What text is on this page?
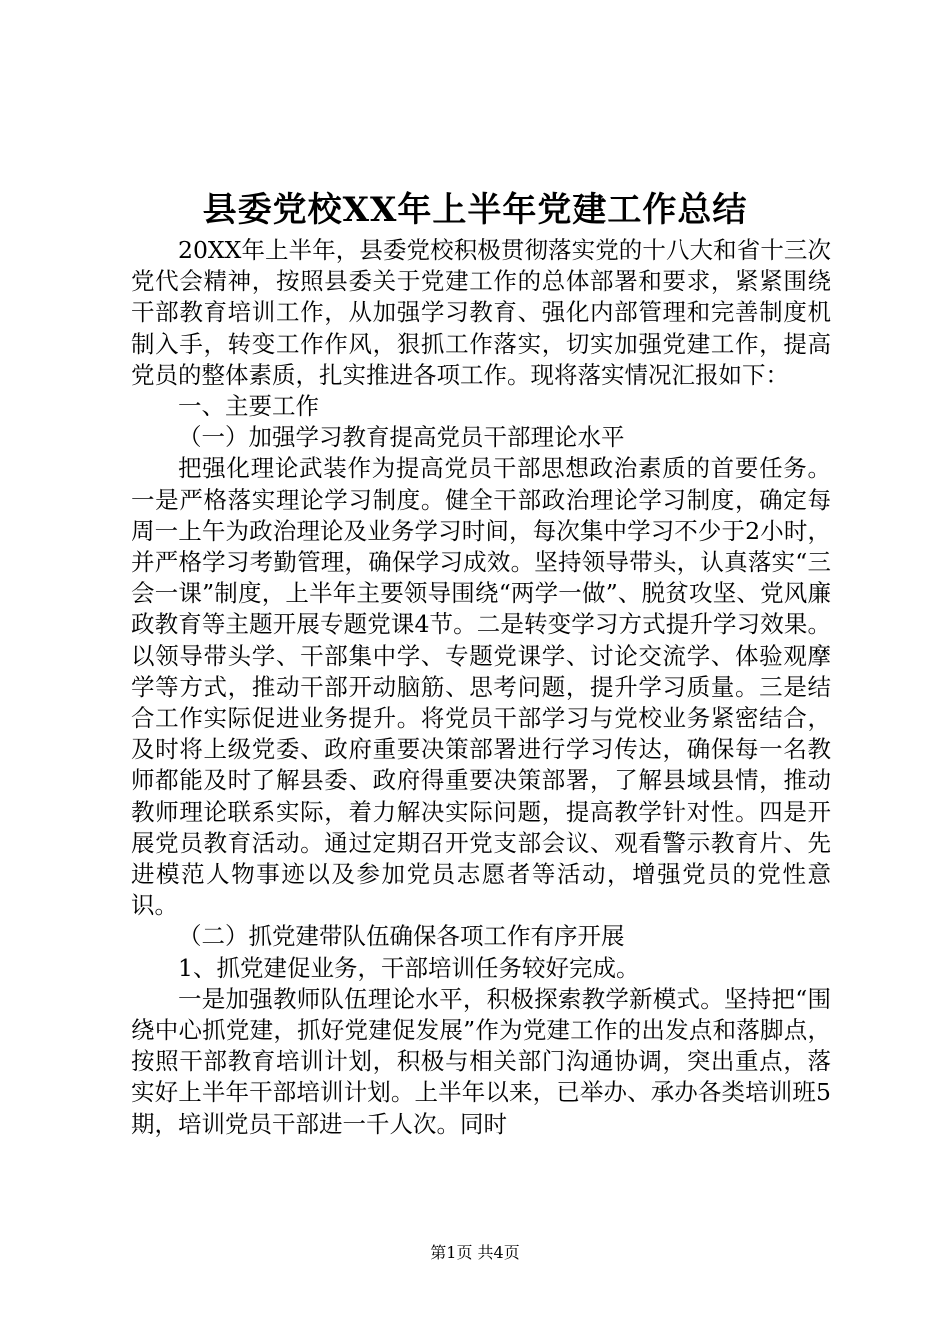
县委党校XX年上半年党建工作总结

20XX年上半年，县委党校积极贯彻落实党的十八大和省十三次党代会精神，按照县委关于党建工作的总体部署和要求，紧紧围绕干部教育培训工作，从加强学习教育、强化内部管理和完善制度机制入手，转变工作作风，狠抓工作落实，切实加强党建工作，提高党员的整体素质，扎实推进各项工作。现将落实情况汇报如下：

一、主要工作

（一）加强学习教育提高党员干部理论水平

把强化理论武装作为提高党员干部思想政治素质的首要任务。一是严格落实理论学习制度。健全干部政治理论学习制度，确定每周一上午为政治理论及业务学习时间，每次集中学习不少于2小时，并严格学习考勤管理，确保学习成效。坚持领导带头，认真落实“三会一课”制度，上半年主要领导围绕“两学一做”、脱贫攻坚、党风廉政教育等主题开展专题党课4节。二是转变学习方式提升学习效果。以领导带头学、干部集中学、专题党课学、讨论交流学、体验观摩学等方式，推动干部开动脑筋、思考问题，提升学习质量。三是结合工作实际促进业务提升。将党员干部学习与党校业务紧密结合，及时将上级党委、政府重要决策部署进行学习传达，确保每一名教师都能及时了解县委、政府得重要决策部署，了解县域县情，推动教师理论联系实际，着力解决实际问题，提高教学针对性。四是开展党员教育活动。通过定期召开党支部会议、观看警示教育片、先进模范人物事迹以及参加党员志愿者等活动，增强党员的党性意识。

（二）抓党建带队伍确保各项工作有序开展

1、抓党建促业务，干部培训任务较好完成。

一是加强教师队伍理论水平，积极探索教学新模式。坚持把“围绕中心抓党建，抓好党建促发展”作为党建工作的出发点和落脚点，按照干部教育培训计划，积极与相关部门沟通协调，突出重点，落实好上半年干部培训计划。上半年以来，已举办、承办各类培训班5期，培训党员干部进一千人次。同时

第1页 共4页
